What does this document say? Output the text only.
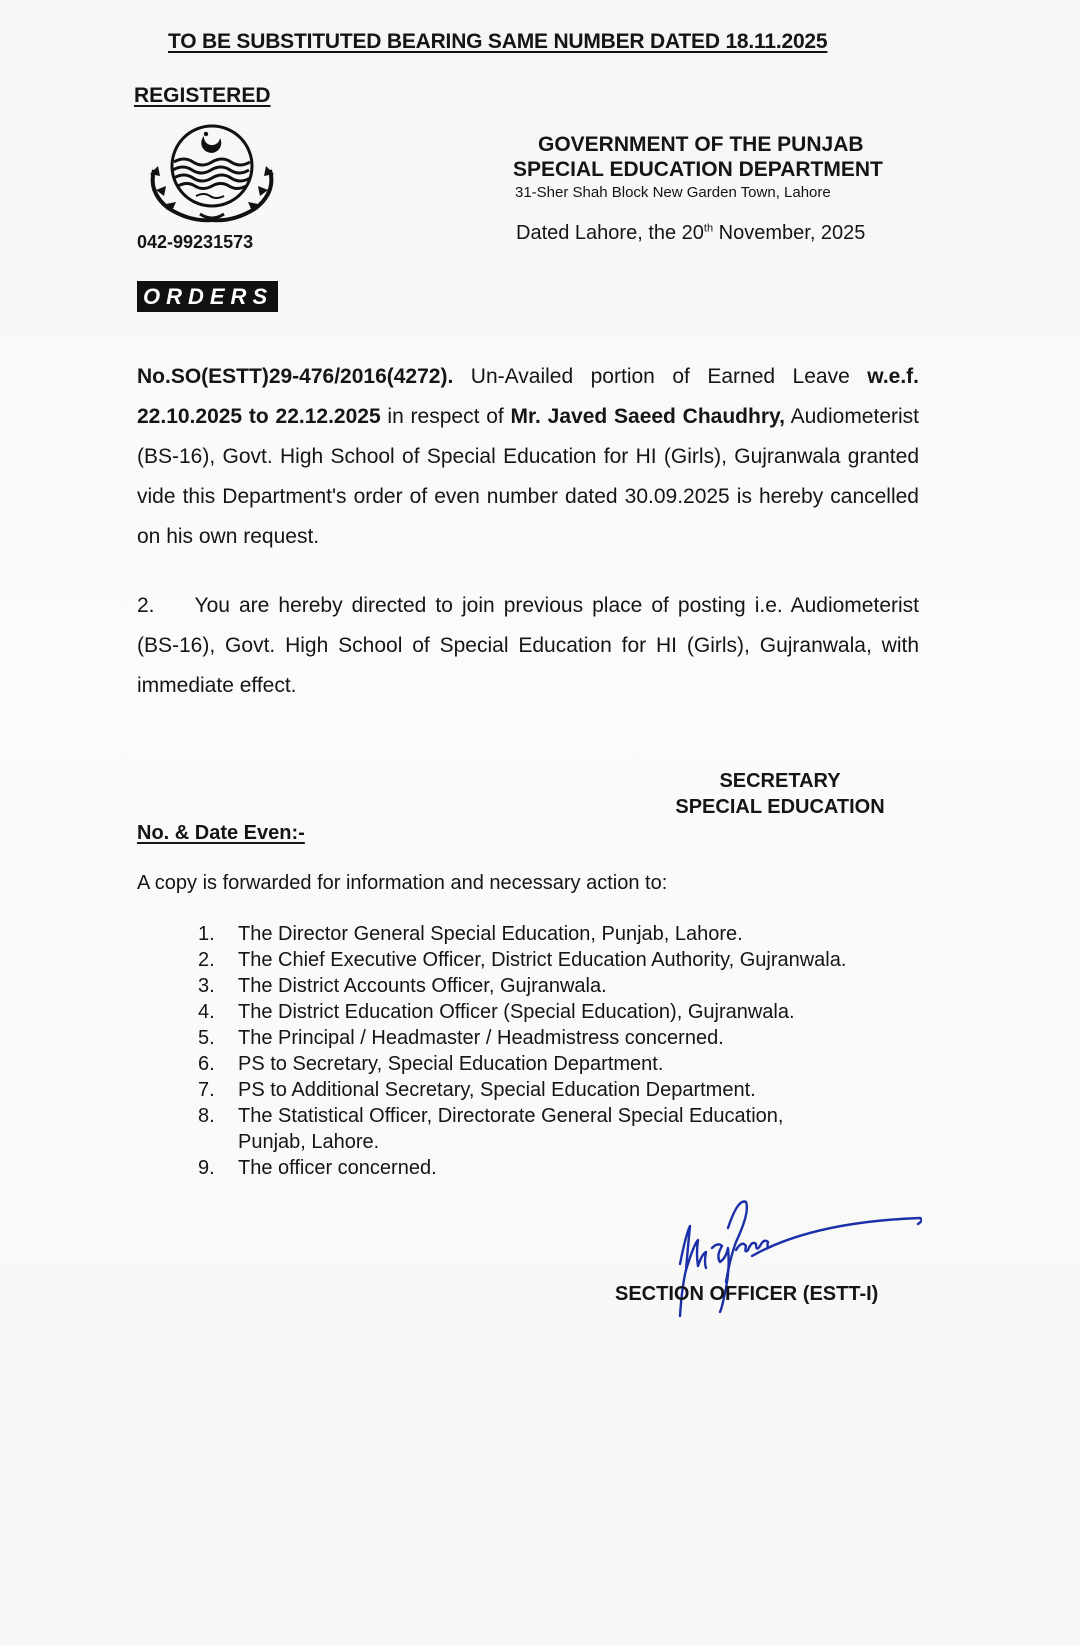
TO BE SUBSTITUTED BEARING SAME NUMBER DATED 18.11.2025
REGISTERED
042-99231573
ORDERS
GOVERNMENT OF THE PUNJAB
SPECIAL EDUCATION DEPARTMENT
31-Sher Shah Block New Garden Town, Lahore
Dated Lahore, the 20th November, 2025
No.SO(ESTT)29-476/2016(4272). Un-Availed portion of Earned Leave w.e.f. 22.10.2025 to 22.12.2025 in respect of Mr. Javed Saeed Chaudhry, Audiometerist (BS-16), Govt. High School of Special Education for HI (Girls), Gujranwala granted vide this Department's order of even number dated 30.09.2025 is hereby cancelled on his own request.
2. You are hereby directed to join previous place of posting i.e. Audiometerist (BS-16), Govt. High School of Special Education for HI (Girls), Gujranwala, with immediate effect.
SECRETARY
SPECIAL EDUCATION
No. & Date Even:-
A copy is forwarded for information and necessary action to:
1.	The Director General Special Education, Punjab, Lahore.
2.	The Chief Executive Officer, District Education Authority, Gujranwala.
3.	The District Accounts Officer, Gujranwala.
4.	The District Education Officer (Special Education), Gujranwala.
5.	The Principal / Headmaster / Headmistress concerned.
6.	PS to Secretary, Special Education Department.
7.	PS to Additional Secretary, Special Education Department.
8.	The Statistical Officer, Directorate General Special Education, Punjab, Lahore.
9.	The officer concerned.
SECTION OFFICER (ESTT-I)
